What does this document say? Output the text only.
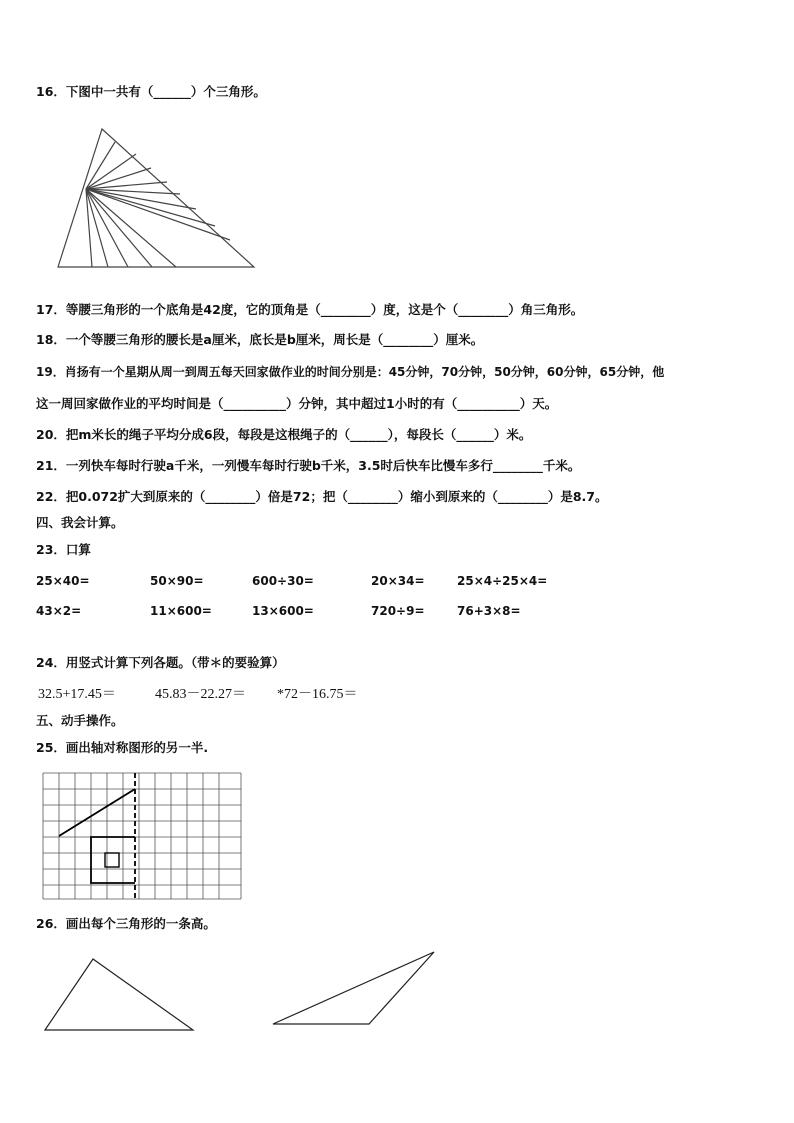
16．下图中一共有（______）个三角形。
17．等腰三角形的一个底角是42度，它的顶角是（________）度，这是个（________）角三角形。
18．一个等腰三角形的腰长是a厘米，底长是b厘米，周长是（________）厘米。
19．肖扬有一个星期从周一到周五每天回家做作业的时间分别是：45分钟，70分钟，50分钟，60分钟，65分钟，他
这一周回家做作业的平均时间是（__________）分钟，其中超过1小时的有（__________）天。
20．把m米长的绳子平均分成6段，每段是这根绳子的（______），每段长（______）米。
21．一列快车每时行驶a千米，一列慢车每时行驶b千米，3.5时后快车比慢车多行________千米。
22．把0.072扩大到原来的（________）倍是72；把（________）缩小到原来的（________）是8.7。
四、我会计算。
23．口算
25×40=	50×90=	600÷30=	20×34=	25×4÷25×4=
43×2=	11×600=	13×600=	720÷9=	76+3×8=
24．用竖式计算下列各题。（带＊的要验算）
32.5+17.45＝	45.83－22.27＝ *72－16.75＝
五、动手操作。
25．画出轴对称图形的另一半.
26．画出每个三角形的一条高。
